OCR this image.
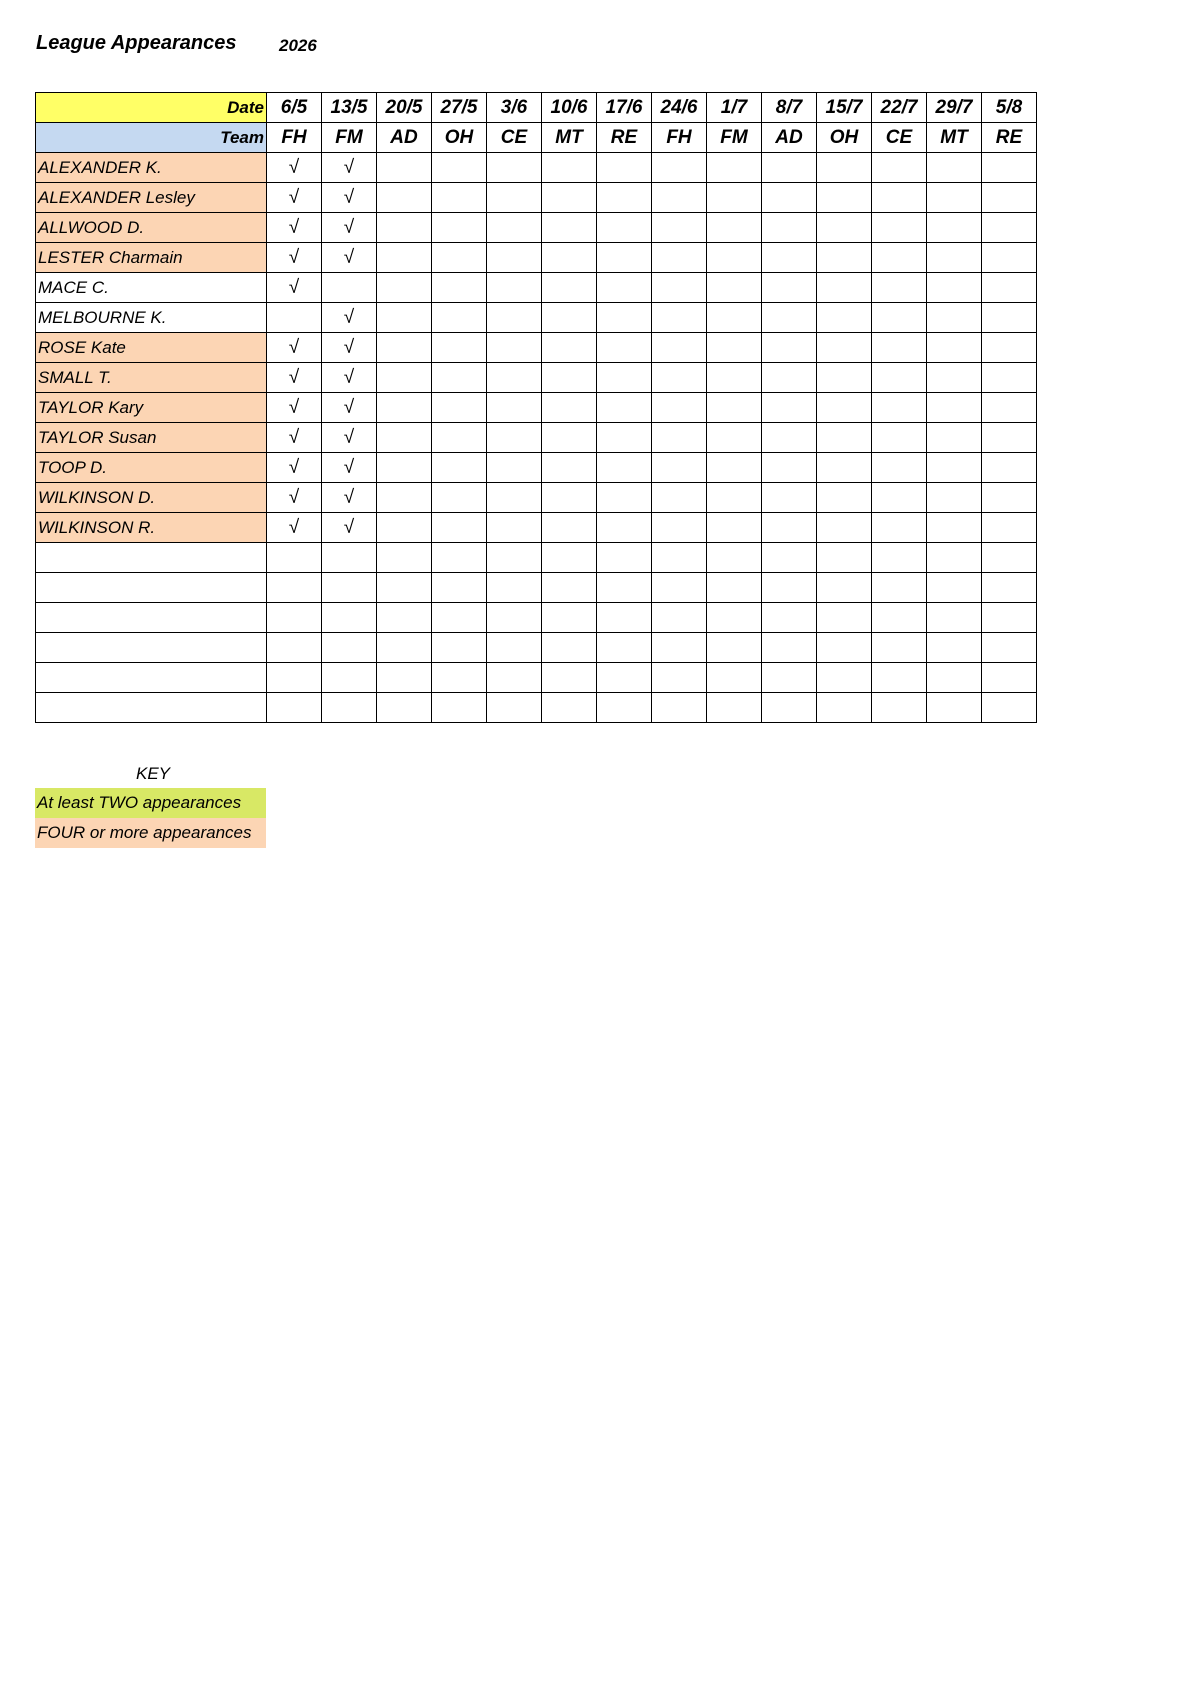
League Appearances	2026
Date	6/5	13/5	20/5	27/5	3/6	10/6	17/6	24/6	1/7	8/7	15/7	22/7	29/7	5/8
Team	FH	FM	AD	OH	CE	MT	RE	FH	FM	AD	OH	CE	MT	RE
ALEXANDER K.	√	√												
ALEXANDER Lesley	√	√												
ALLWOOD D.	√	√												
LESTER Charmain	√	√												
MACE C.	√													
MELBOURNE K.		√												
ROSE Kate	√	√												
SMALL T.	√	√												
TAYLOR Kary	√	√												
TAYLOR Susan	√	√												
TOOP D.	√	√												
WILKINSON D.	√	√												
WILKINSON R.	√	√												

KEY
At least TWO appearances
FOUR or more appearances
